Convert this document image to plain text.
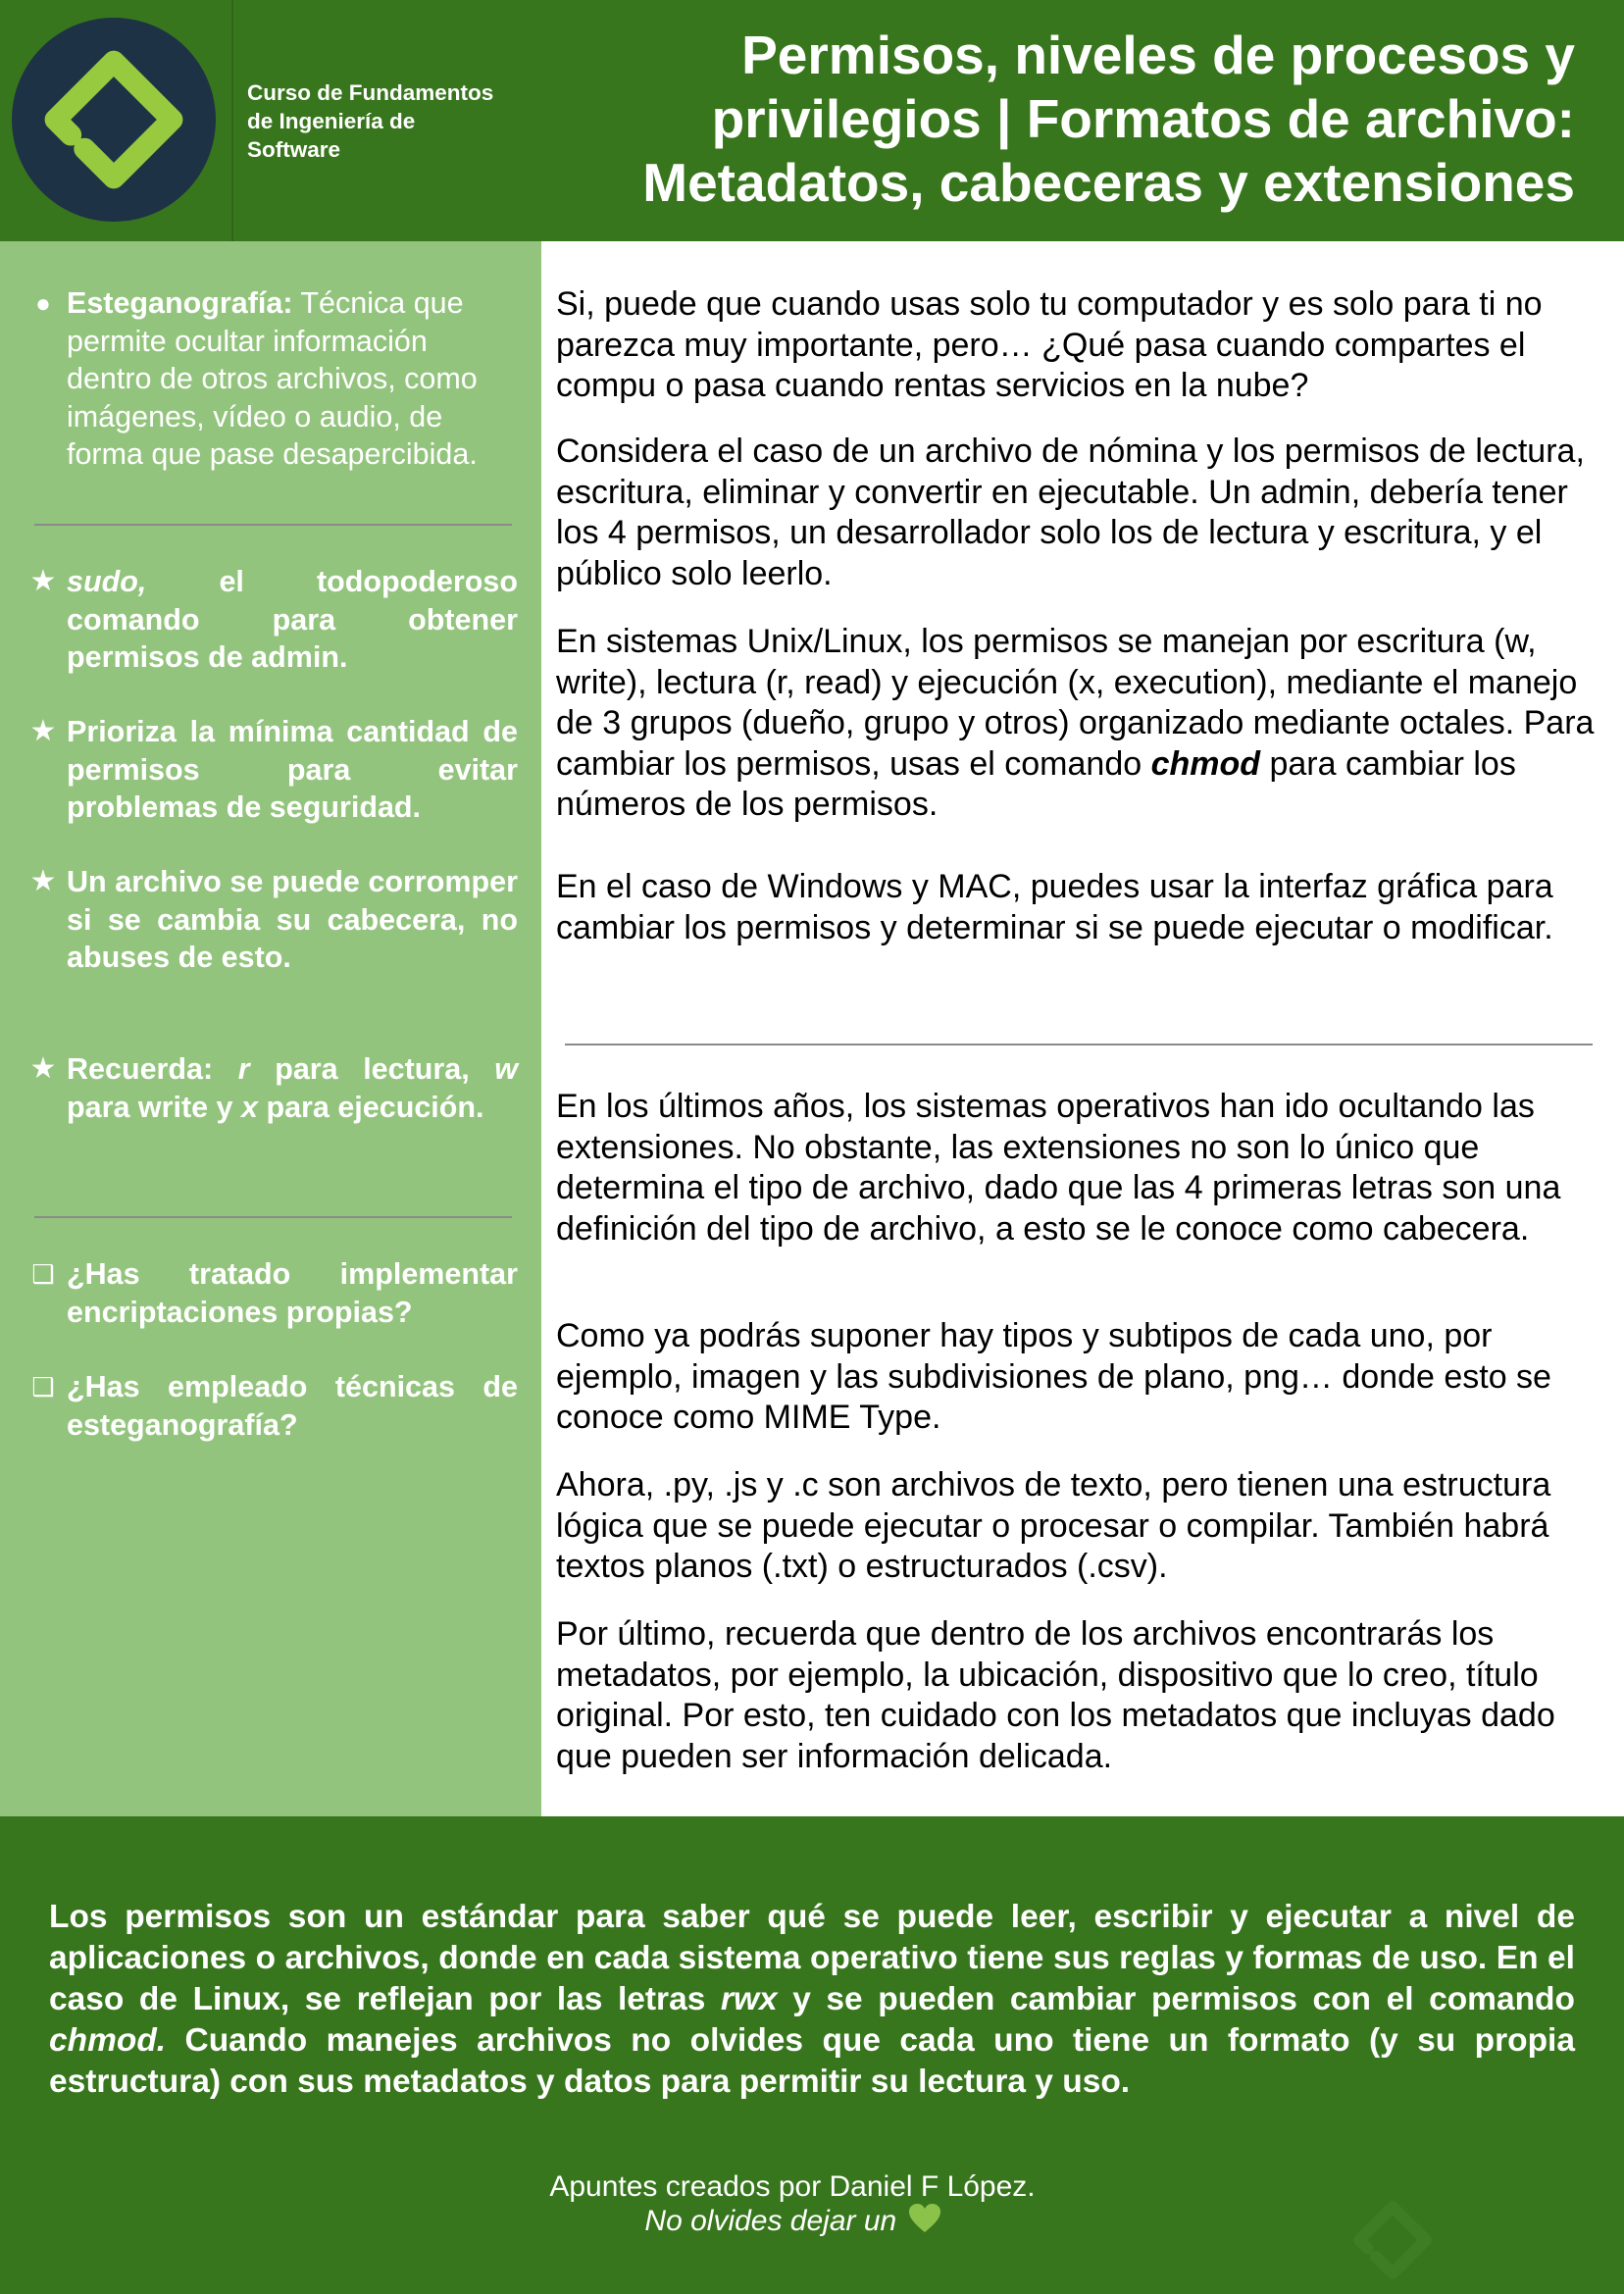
Curso de Fundamentos
de Ingeniería de
Software
Permisos, niveles de procesos y
privilegios | Formatos de archivo:
Metadatos, cabeceras y extensiones
● Esteganografía: Técnica que permite ocultar información dentro de otros archivos, como imágenes, vídeo o audio, de forma que pase desapercibida.
★ sudo, el todopoderoso comando para obtener permisos de admin.
★ Prioriza la mínima cantidad de permisos para evitar problemas de seguridad.
★ Un archivo se puede corromper si se cambia su cabecera, no abuses de esto.
★ Recuerda: r para lectura, w para write y x para ejecución.
❑ ¿Has tratado implementar encriptaciones propias?
❑ ¿Has empleado técnicas de esteganografía?

Si, puede que cuando usas solo tu computador y es solo para ti no parezca muy importante, pero… ¿Qué pasa cuando compartes el compu o pasa cuando rentas servicios en la nube?

Considera el caso de un archivo de nómina y los permisos de lectura, escritura, eliminar y convertir en ejecutable. Un admin, debería tener los 4 permisos, un desarrollador solo los de lectura y escritura, y el público solo leerlo.

En sistemas Unix/Linux, los permisos se manejan por escritura (w, write), lectura (r, read) y ejecución (x, execution), mediante el manejo de 3 grupos (dueño, grupo y otros) organizado mediante octales. Para cambiar los permisos, usas el comando chmod para cambiar los números de los permisos.

En el caso de Windows y MAC, puedes usar la interfaz gráfica para cambiar los permisos y determinar si se puede ejecutar o modificar.

En los últimos años, los sistemas operativos han ido ocultando las extensiones. No obstante, las extensiones no son lo único que determina el tipo de archivo, dado que las 4 primeras letras son una definición del tipo de archivo, a esto se le conoce como cabecera.

Como ya podrás suponer hay tipos y subtipos de cada uno, por ejemplo, imagen y las subdivisiones de plano, png… donde esto se conoce como MIME Type.

Ahora, .py, .js y .c son archivos de texto, pero tienen una estructura lógica que se puede ejecutar o procesar o compilar. También habrá textos planos (.txt) o estructurados (.csv).

Por último, recuerda que dentro de los archivos encontrarás los metadatos, por ejemplo, la ubicación, dispositivo que lo creo, título original. Por esto, ten cuidado con los metadatos que incluyas dado que pueden ser información delicada.

Los permisos son un estándar para saber qué se puede leer, escribir y ejecutar a nivel de aplicaciones o archivos, donde en cada sistema operativo tiene sus reglas y formas de uso. En el caso de Linux, se reflejan por las letras rwx y se pueden cambiar permisos con el comando chmod. Cuando manejes archivos no olvides que cada uno tiene un formato (y su propia estructura) con sus metadatos y datos para permitir su lectura y uso.

Apuntes creados por Daniel F López.
No olvides dejar un
